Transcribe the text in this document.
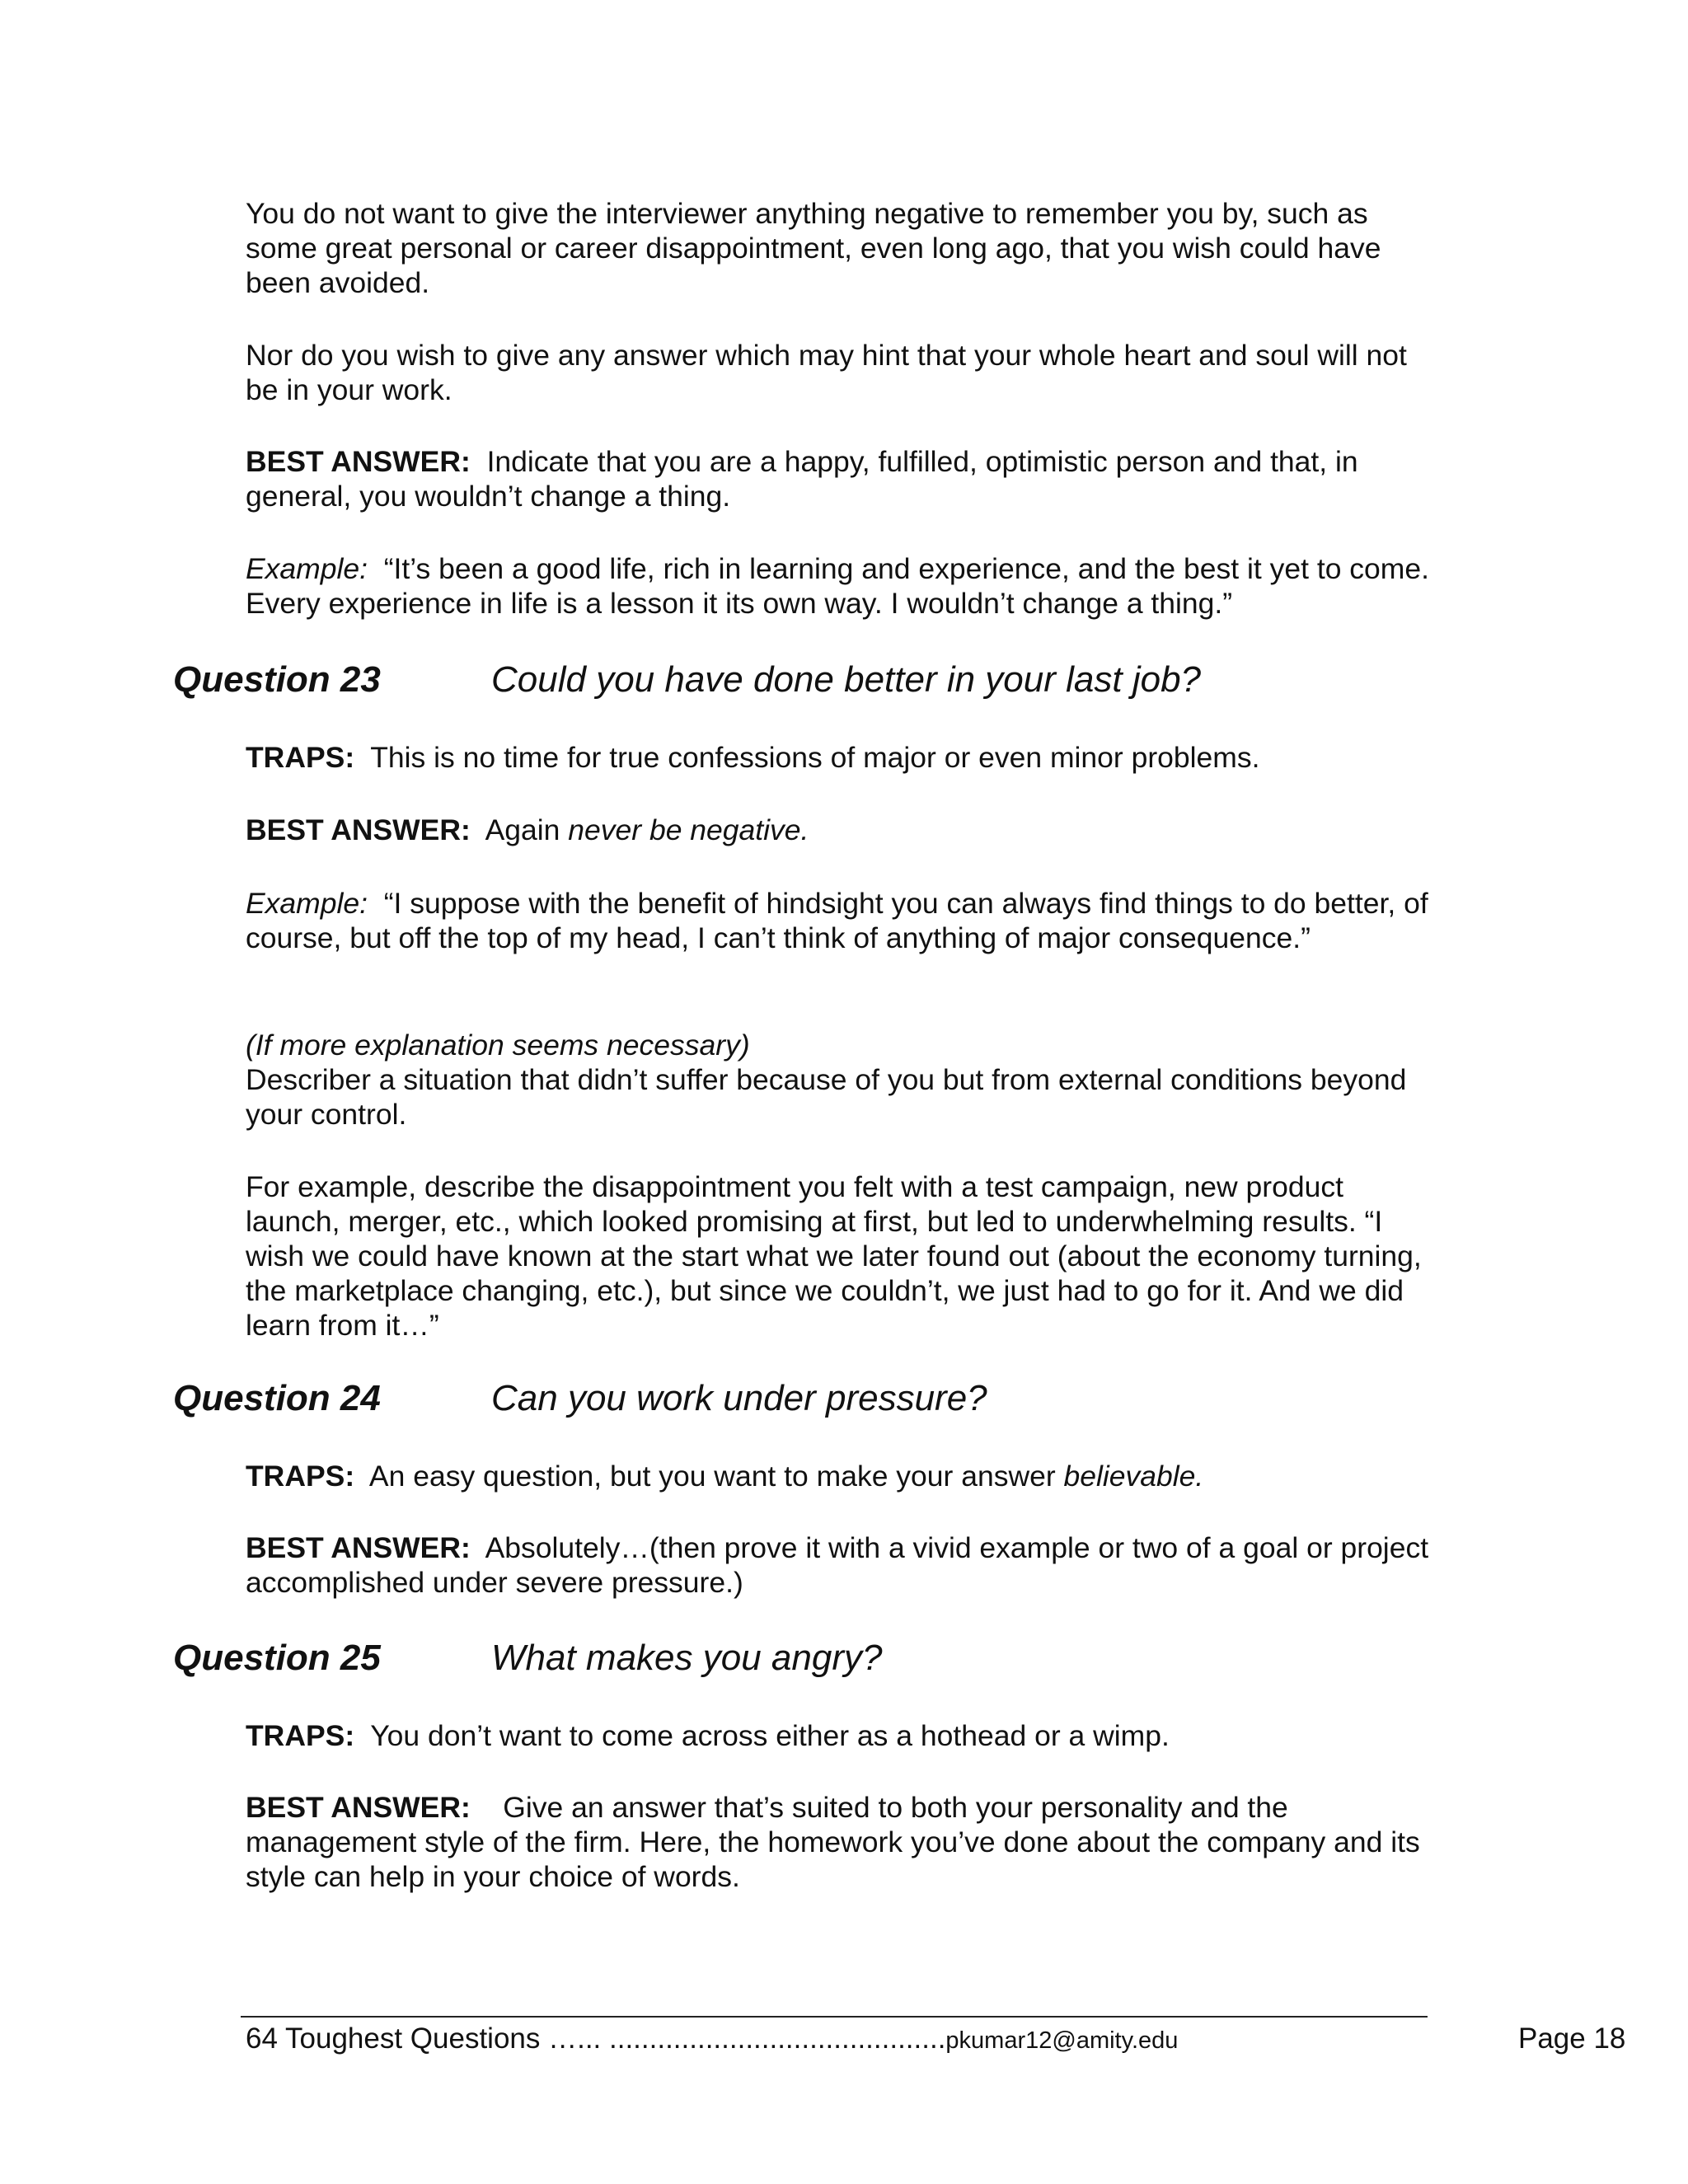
You do not want to give the interviewer anything negative to remember you by, such as some great personal or career disappointment, even long ago, that you wish could have been avoided.

Nor do you wish to give any answer which may hint that your whole heart and soul will not be in your work.

BEST ANSWER: Indicate that you are a happy, fulfilled, optimistic person and that, in general, you wouldn’t change a thing.

Example: “It’s been a good life, rich in learning and experience, and the best it yet to come. Every experience in life is a lesson it its own way. I wouldn’t change a thing.”

Question 23	Could you have done better in your last job?

TRAPS: This is no time for true confessions of major or even minor problems.

BEST ANSWER: Again never be negative.

Example: “I suppose with the benefit of hindsight you can always find things to do better, of course, but off the top of my head, I can’t think of anything of major consequence.”

(If more explanation seems necessary)
Describer a situation that didn’t suffer because of you but from external conditions beyond your control.

For example, describe the disappointment you felt with a test campaign, new product launch, merger, etc., which looked promising at first, but led to underwhelming results. “I wish we could have known at the start what we later found out (about the economy turning, the marketplace changing, etc.), but since we couldn’t, we just had to go for it. And we did learn from it…”

Question 24	Can you work under pressure?

TRAPS: An easy question, but you want to make your answer believable.

BEST ANSWER: Absolutely…(then prove it with a vivid example or two of a goal or project accomplished under severe pressure.)

Question 25	What makes you angry?

TRAPS: You don’t want to come across either as a hothead or a wimp.

BEST ANSWER: Give an answer that’s suited to both your personality and the management style of the firm. Here, the homework you’ve done about the company and its style can help in your choice of words.

64 Toughest Questions …... ..........................................pkumar12@amity.edu	Page 18
